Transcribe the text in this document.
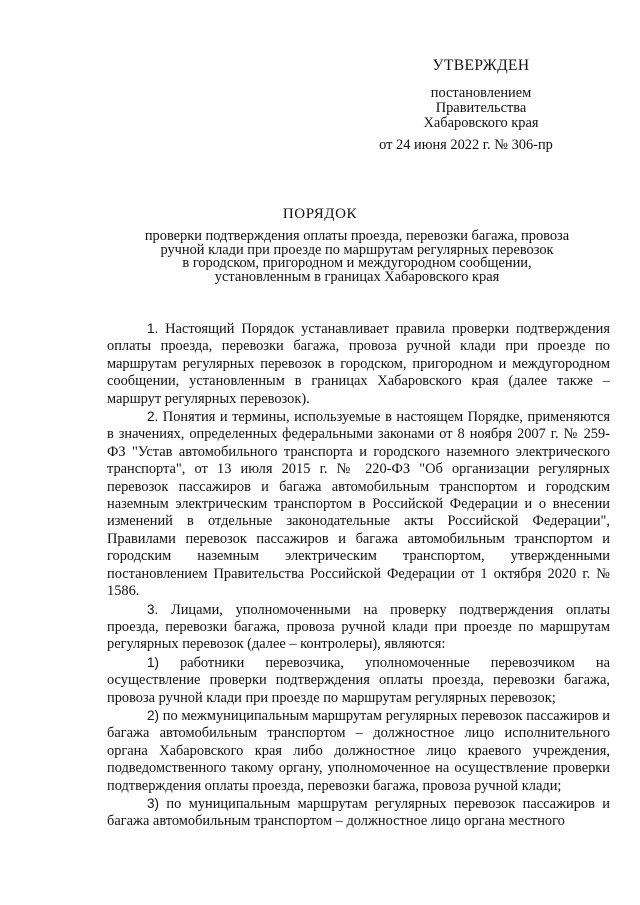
УТВЕРЖДЕН
постановлением
Правительства
Хабаровского края
от 24 июня 2022 г. № 306-пр
ПОРЯДОК
проверки подтверждения оплаты проезда, перевозки багажа, провоза
ручной клади при проезде по маршрутам регулярных перевозок
в городском, пригородном и междугородном сообщении,
установленным в границах Хабаровского края

1. Настоящий Порядок устанавливает правила проверки подтверждения оплаты проезда, перевозки багажа, провоза ручной клади при проезде по маршрутам регулярных перевозок в городском, пригородном и междугородном сообщении, установленным в границах Хабаровского края (далее также – маршрут регулярных перевозок).

2. Понятия и термины, используемые в настоящем Порядке, применяются в значениях, определенных федеральными законами от 8 ноября 2007 г. № 259-ФЗ "Устав автомобильного транспорта и городского наземного электрического транспорта", от 13 июля 2015 г. № 220-ФЗ "Об организации регулярных перевозок пассажиров и багажа автомобильным транспортом и городским наземным электрическим транспортом в Российской Федерации и о внесении изменений в отдельные законодательные акты Российской Федерации", Правилами перевозок пассажиров и багажа автомобильным транспортом и городским наземным электрическим транспортом, утвержденными постановлением Правительства Российской Федерации от 1 октября 2020 г. № 1586.

3. Лицами, уполномоченными на проверку подтверждения оплаты проезда, перевозки багажа, провоза ручной клади при проезде по маршрутам регулярных перевозок (далее – контролеры), являются:

1) работники перевозчика, уполномоченные перевозчиком на осуществление проверки подтверждения оплаты проезда, перевозки багажа, провоза ручной клади при проезде по маршрутам регулярных перевозок;

2) по межмуниципальным маршрутам регулярных перевозок пассажиров и багажа автомобильным транспортом – должностное лицо исполнительного органа Хабаровского края либо должностное лицо краевого учреждения, подведомственного такому органу, уполномоченное на осуществление проверки подтверждения оплаты проезда, перевозки багажа, провоза ручной клади;

3) по муниципальным маршрутам регулярных перевозок пассажиров и багажа автомобильным транспортом – должностное лицо органа местного
